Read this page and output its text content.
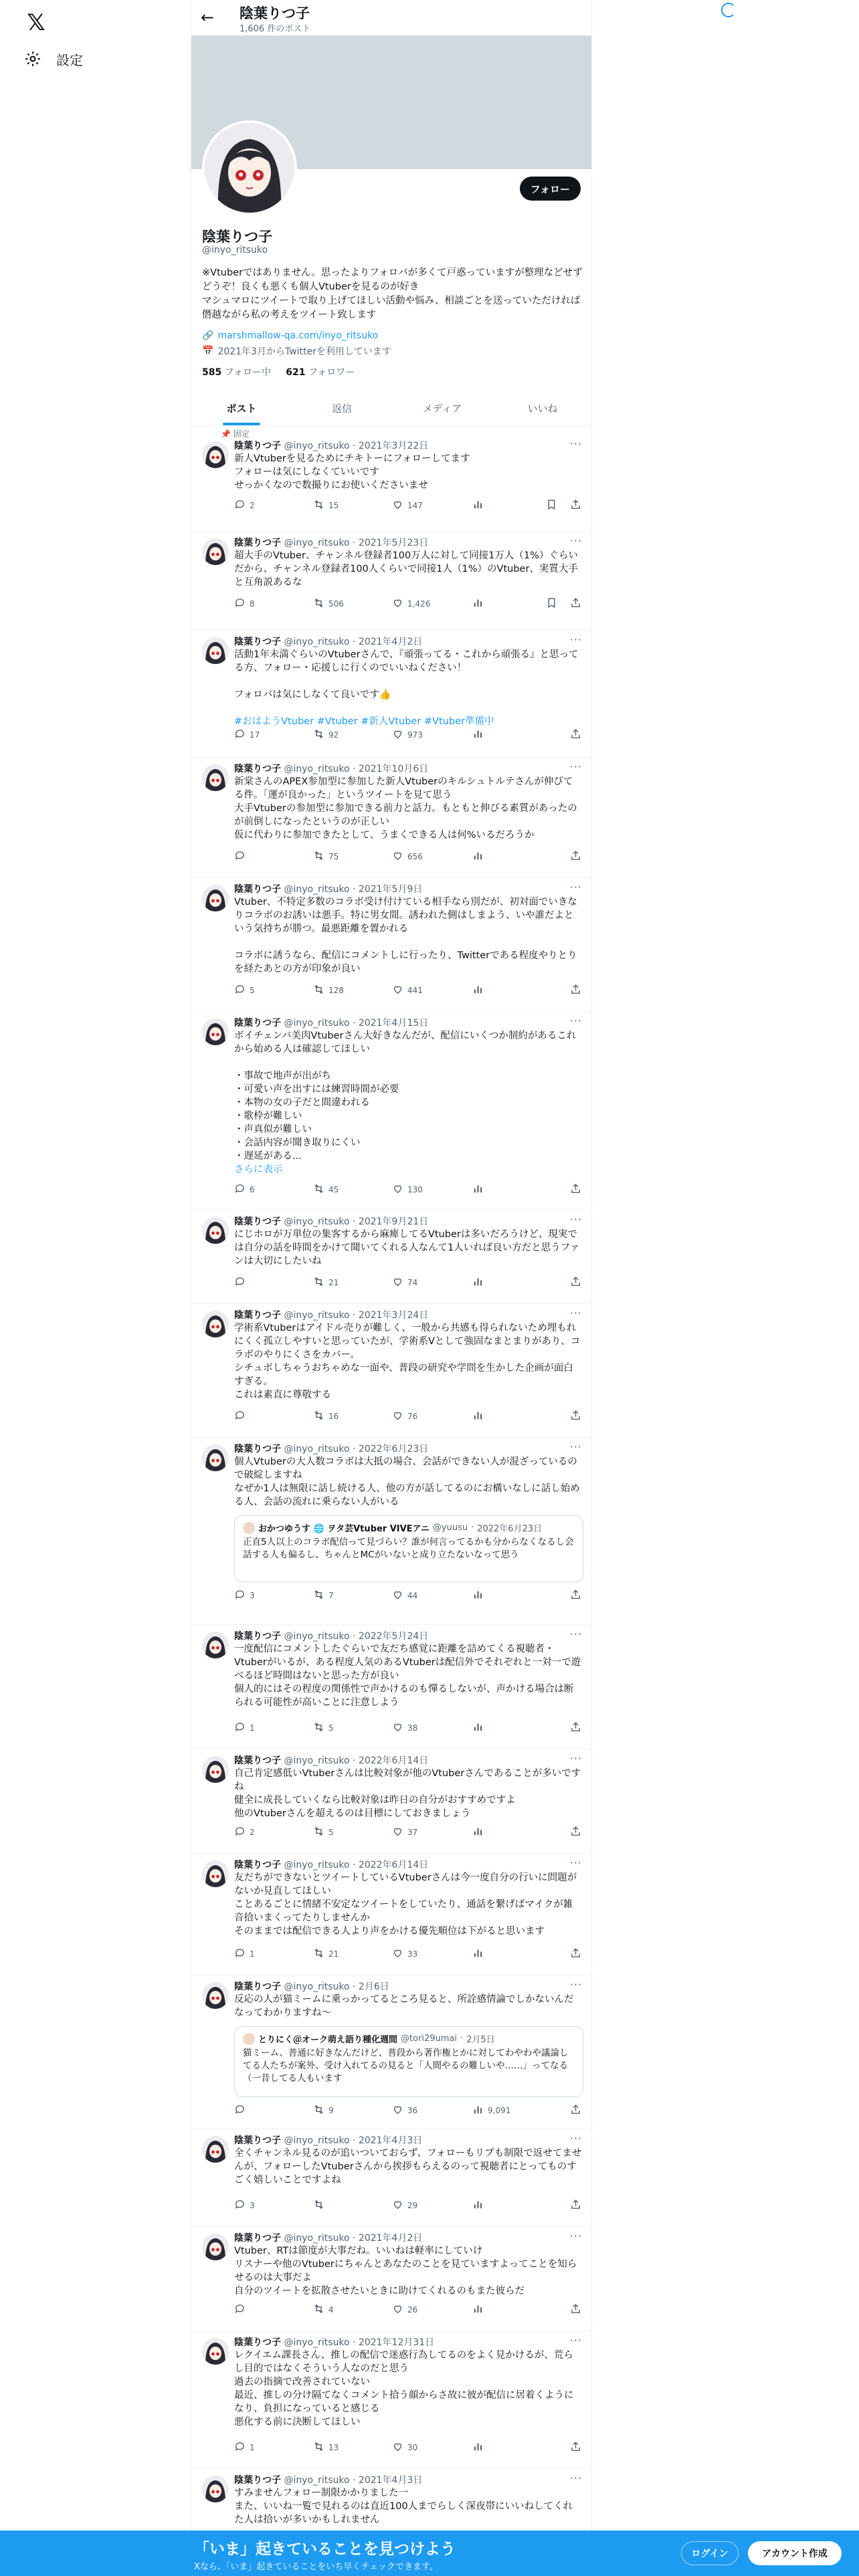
𝕏
設定
← 陰葉りつ子
1,606 件のポスト
フォロー
陰葉りつ子
@inyo_ritsuko
※Vtuberではありません。思ったよりフォロバが多くて戸惑っていますが整理などせずどうぞ！良くも悪くも個人Vtuberを見るのが好き
マシュマロにツイートで取り上げてほしい活動や悩み、相談ごとを送っていただければ僭越ながら私の考えをツイート致します
🔗 marshmallow-qa.com/inyo_ritsuko
📅 2021年3月からTwitterを利用しています
585 フォロー中 621 フォロワー
ポスト	返信	メディア	いいね
📌 固定
陰葉りつ子 @inyo_ritsuko · 2021年3月22日	···
新人Vtuberを見るためにチキトーにフォローしてます
フォローは気にしなくていいです
せっかくなので数撮りにお使いくださいませ
2	15	147
陰葉りつ子 @inyo_ritsuko · 2021年5月23日	···
超大手のVtuber、チャンネル登録者100万人に対して同接1万人（1%）ぐらいだから、チャンネル登録者100人くらいで同接1人（1%）のVtuber、実質大手と互角説あるな
8	506	1,426
陰葉りつ子 @inyo_ritsuko · 2021年4月2日	···
活動1年未満ぐらいのVtuberさんで、『頑張ってる・これから頑張る』と思ってる方、フォロー・応援しに行くのでいいねください！

フォロバは気にしなくて良いです👍

#おはようVtuber #Vtuber #新人Vtuber #Vtuber準備中
17	92	973
陰葉りつ子 @inyo_ritsuko · 2021年10月6日	···
新棠さんのAPEX参加型に参加した新人Vtuberのキルシュトルテさんが伸びてる件。「運が良かった」というツイートを見て思う
大手Vtuberの参加型に参加できる前力と話力。もともと伸びる素質があったのが前倒しになったというのが正しい
仮に代わりに参加できたとして、うまくできる人は何%いるだろうか
75	656
陰葉りつ子 @inyo_ritsuko · 2021年5月9日	···
Vtuber、不特定多数のコラボ受け付けている相手なら別だが、初対面でいきなりコラボのお誘いは悪手。特に男女間。誘われた側はしまよう、いや誰だよという気持ちが勝つ。最悪距離を置かれる

コラボに誘うなら、配信にコメントしに行ったり、Twitterである程度やりとりを経たあとの方が印象が良い
5	128	441
陰葉りつ子 @inyo_ritsuko · 2021年4月15日	···
ボイチェンバ美肉Vtuberさん大好きなんだが、配信にいくつか制約があるこれから始める人は確認してほしい

・事故で地声が出がち
・可愛い声を出すには練習時間が必要
・本物の女の子だと間違われる
・歌枠が難しい
・声真似が難しい
・会話内容が聞き取りにくい
・遅延がある...
さらに表示
6	45	130
陰葉りつ子 @inyo_ritsuko · 2021年9月21日	···
にじホロが万単位の集客するから麻痺してるVtuberは多いだろうけど、現実では自分の話を時間をかけて聞いてくれる人なんて1人いれば良い方だと思うファンは大切にしたいね
21	74
陰葉りつ子 @inyo_ritsuko · 2021年3月24日	···
学術系Vtuberはアイドル売りが難しく、一般から共感も得られないため埋もれにくく孤立しやすいと思っていたが、学術系Vとして強固なまとまりがあり、コラボのやりにくさをカバー。
シチュボしちゃうおちゃめな一面や、普段の研究や学問を生かした企画が面白すぎる。
これは素直に尊敬する
16	76
陰葉りつ子 @inyo_ritsuko · 2022年6月23日	···
個人Vtuberの大人数コラボは大抵の場合、会話ができない人が混ざっているので破綻しますね
なぜか1人は無限に話し続ける人、他の方が話してるのにお構いなしに話し始める人、会話の流れに乗らない人がいる
おかつゆうす 🌐 ヲタ芸Vtuber VIVEアニ @yuusu · 2022年6月23日
正直5人以上のコラボ配信って見づらい？誰が何言ってるかも分からなくなるし会話する人も偏るし、ちゃんとMCがいないと成り立たないなって思う
3	7	44
陰葉りつ子 @inyo_ritsuko · 2022年5月24日	···
一度配信にコメントしたぐらいで友だち感覚に距離を詰めてくる視聴者・Vtuberがいるが、ある程度人気のあるVtuberは配信外でそれぞれと一対一で遊べるほど時間はないと思った方が良い
個人的にはその程度の関係性で声かけるのも憚るしないが、声かける場合は断られる可能性が高いことに注意しよう
1	5	38
陰葉りつ子 @inyo_ritsuko · 2022年6月14日	···
自己肯定感低いVtuberさんは比較対象が他のVtuberさんであることが多いですね
健全に成長していくなら比較対象は昨日の自分がおすすめですよ
他のVtuberさんを超えるのは目標にしておきましょう
2	5	37
陰葉りつ子 @inyo_ritsuko · 2022年6月14日	···
友だちができないとツイートしているVtuberさんは今一度自分の行いに問題がないか見直してほしい
ことあるごとに情緒不安定なツイートをしていたり、通話を繋げばマイクが雑音拾いまくってたりしませんか
そのままでは配信できる人より声をかける優先順位は下がると思います
1	21	33
陰葉りつ子 @inyo_ritsuko · 2月6日	···
反応の人が猫ミームに乗っかってるところ見ると、所詮感情論でしかないんだなってわかりますね～
とりにく＠オーク萌え語り種化週間 @tori29umai · 2月5日
猫ミーム、普通に好きなんだけど、普段から著作権とかに対してわやわや議論してる人たちが案外、受け入れてるの見ると「人間やるの難しいや……」ってなる（一昔してる人もいます
9	36	9,091
陰葉りつ子 @inyo_ritsuko · 2021年4月3日	···
全くチャンネル見るのが追いついておらず、フォローもリプも制限で返せてませんが、フォローしたVtuberさんから挨拶もらえるのって視聴者にとってものすごく嬉しいことですよね
3	29
陰葉りつ子 @inyo_ritsuko · 2021年4月2日	···
Vtuber、RTは節度が大事だね。いいねは軽率にしていけ
リスナーや他のVtuberにちゃんとあなたのことを見ていますよってことを知らせるのは大事だよ
自分のツイートを拡散させたいときに助けてくれるのもまた彼らだ
4	26
陰葉りつ子 @inyo_ritsuko · 2021年12月31日	···
レクイエム課長さん、推しの配信で迷惑行為してるのをよく見かけるが、荒らし目的ではなくそういう人なのだと思う
過去の指摘で改善されていない
最近、推しの分け隔てなくコメント拾う顔からさ故に彼が配信に居着くようになり、負担になっていると感じる
悪化する前に決断してほしい
1	13	30
陰葉りつ子 @inyo_ritsuko · 2021年4月3日	···
すみませんフォロー制限かかりました一
また、いいね一覧で見れるのは直近100人までらしく深夜帯にいいねしてくれた人は拾いが多いかもしれません
「いま」起きていることを見つけよう
Xなら、「いま」起きていることをいち早くチェックできます。
ログイン	アカウント作成
